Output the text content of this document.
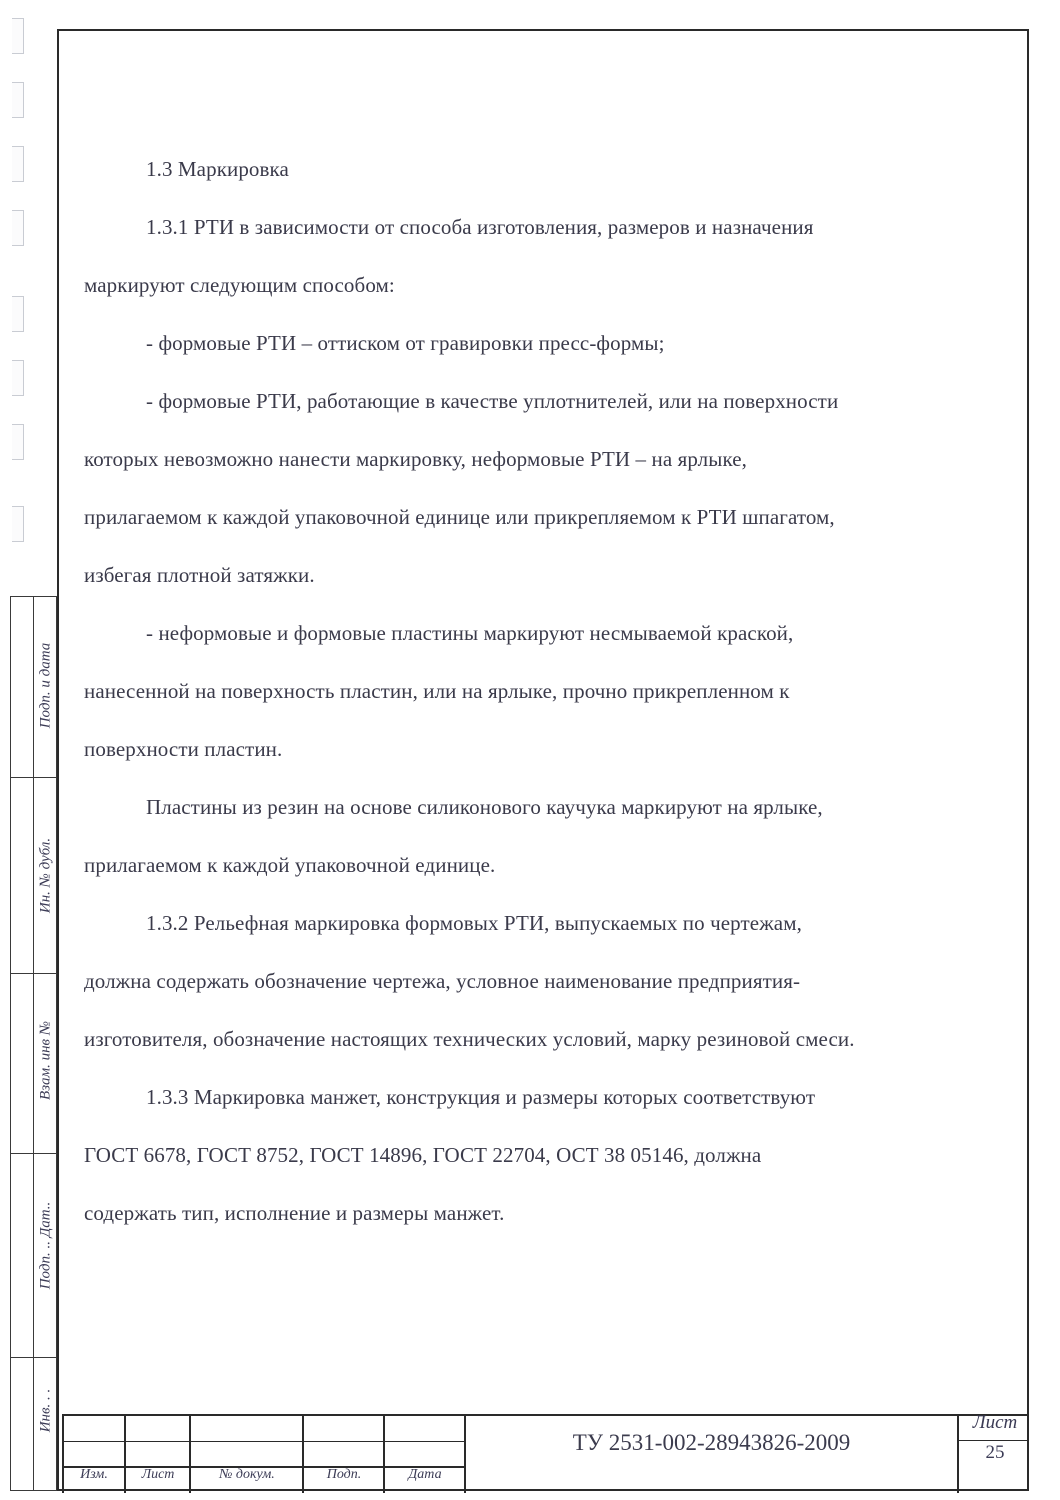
Инв. . .
Подп. .. Дат..
Взам. инв №
Ин. № дубл.
Подп. и дата

1.3 Маркировка

1.3.1 РТИ в зависимости от способа изготовления, размеров и назначения

маркируют следующим способом:

- формовые РТИ – оттиском от гравировки пресс-формы;

- формовые РТИ, работающие в качестве уплотнителей, или на поверхности

которых невозможно нанести маркировку, неформовые РТИ – на ярлыке,

прилагаемом к каждой упаковочной единице или прикрепляемом к РТИ шпагатом,

избегая плотной затяжки.

- неформовые и формовые пластины маркируют несмываемой краской,

нанесенной на поверхность пластин, или на ярлыке, прочно прикрепленном к

поверхности пластин.

Пластины из резин на основе силиконового каучука маркируют на ярлыке,

прилагаемом к каждой упаковочной единице.

1.3.2 Рельефная маркировка формовых РТИ, выпускаемых по чертежам,

должна содержать обозначение чертежа, условное наименование предприятия-

изготовителя, обозначение настоящих технических условий, марку резиновой смеси.

1.3.3 Маркировка манжет, конструкция и размеры которых соответствуют

ГОСТ 6678, ГОСТ 8752, ГОСТ 14896, ГОСТ 22704, ОСТ 38 05146, должна

содержать тип, исполнение и размеры манжет.

Изм.	Лист	№ докум.	Подп.	Дата
ТУ 2531-002-28943826-2009
Лист
25
